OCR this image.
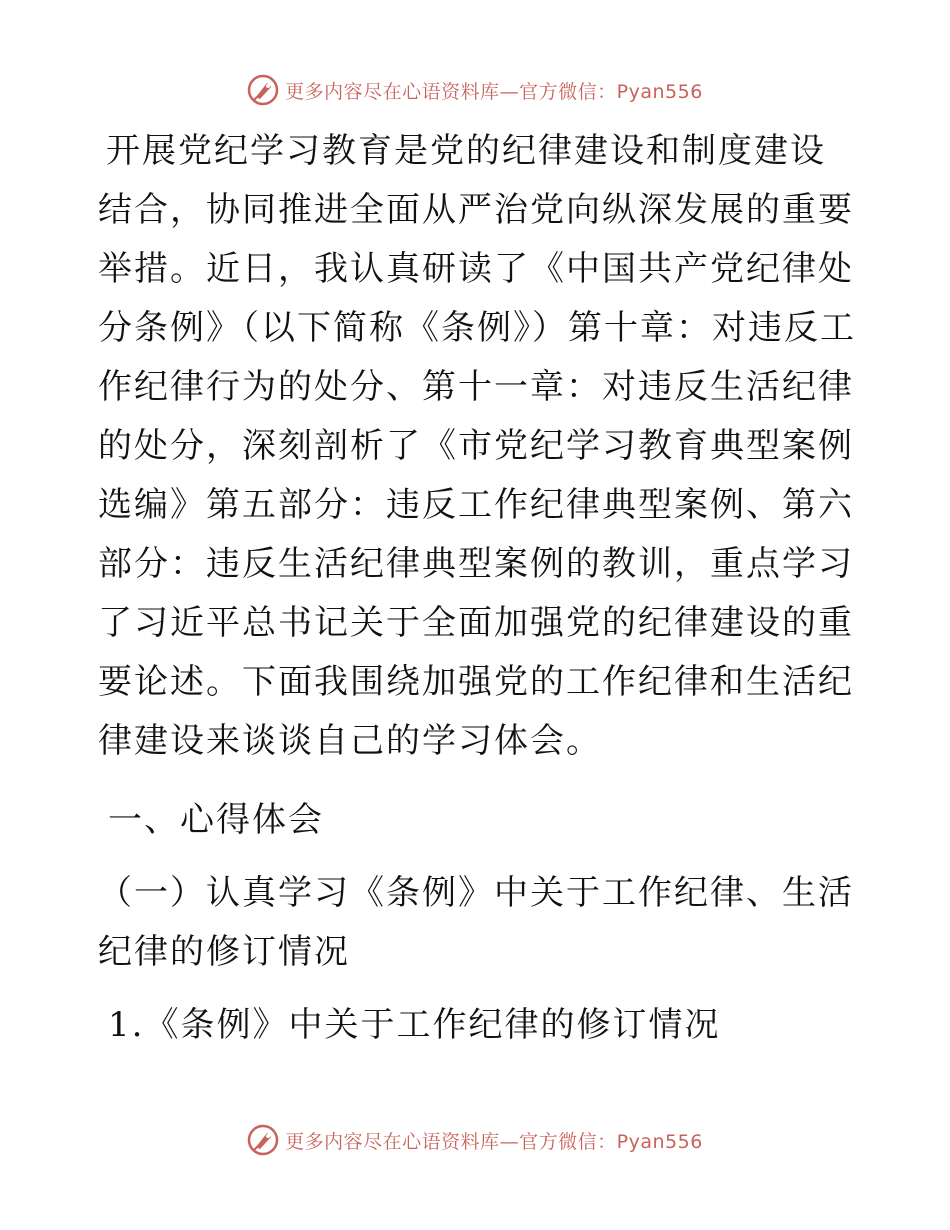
更多内容尽在心语资料库—官方微信：Pyan556

开展党纪学习教育是党的纪律建设和制度建设结合，协同推进全面从严治党向纵深发展的重要举措。近日，我认真研读了《中国共产党纪律处分条例》（以下简称《条例》）第十章：对违反工作纪律行为的处分、第十一章：对违反生活纪律的处分，深刻剖析了《市党纪学习教育典型案例选编》第五部分：违反工作纪律典型案例、第六部分：违反生活纪律典型案例的教训，重点学习了习近平总书记关于全面加强党的纪律建设的重要论述。下面我围绕加强党的工作纪律和生活纪律建设来谈谈自己的学习体会。

一、心得体会

（一）认真学习《条例》中关于工作纪律、生活纪律的修订情况

1.《条例》中关于工作纪律的修订情况

更多内容尽在心语资料库—官方微信：Pyan556
